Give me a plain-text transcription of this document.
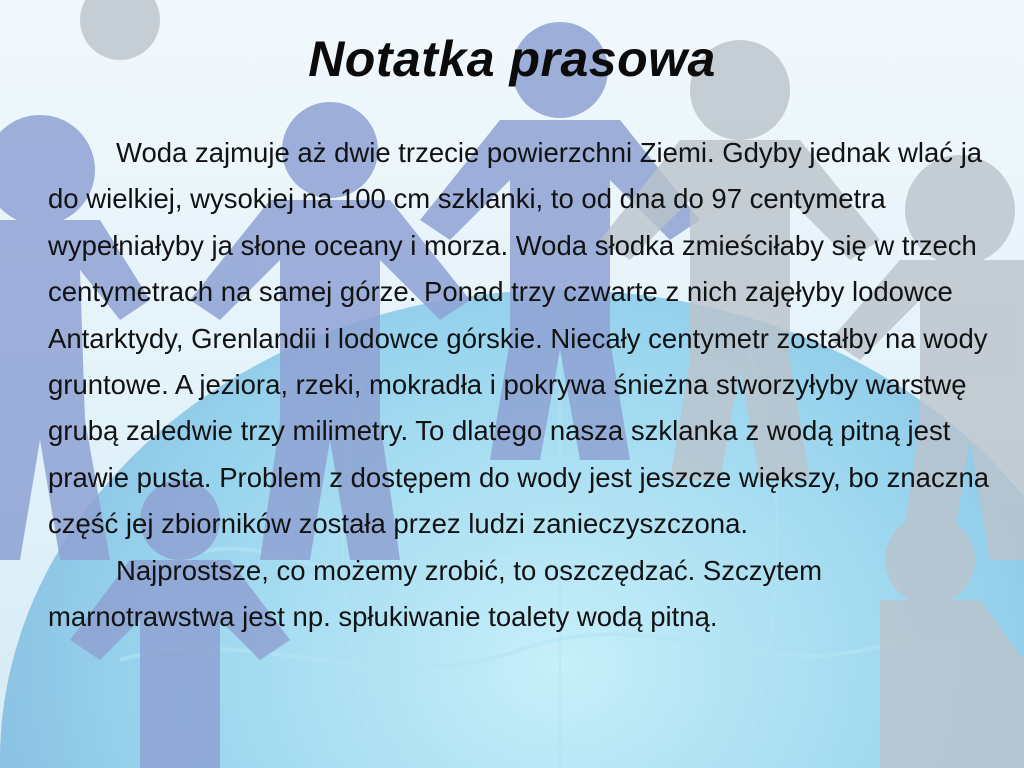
Notatka prasowa

Woda zajmuje aż dwie trzecie powierzchni Ziemi. Gdyby jednak wlać ja do wielkiej, wysokiej na 100 cm szklanki, to od dna do 97 centymetra wypełniałyby ja słone oceany i morza. Woda słodka zmieściłaby się w trzech centymetrach na samej górze. Ponad trzy czwarte z nich zajęłyby lodowce Antarktydy, Grenlandii i lodowce górskie. Niecały centymetr zostałby na wody gruntowe. A jeziora, rzeki, mokradła i pokrywa śnieżna stworzyłyby warstwę grubą zaledwie trzy milimetry. To dlatego nasza szklanka z wodą pitną jest prawie pusta. Problem z dostępem do wody jest jeszcze większy, bo znaczna część jej zbiorników została przez ludzi zanieczyszczona.

Najprostsze, co możemy zrobić, to oszczędzać. Szczytem marnotrawstwa jest np. spłukiwanie toalety wodą pitną.
